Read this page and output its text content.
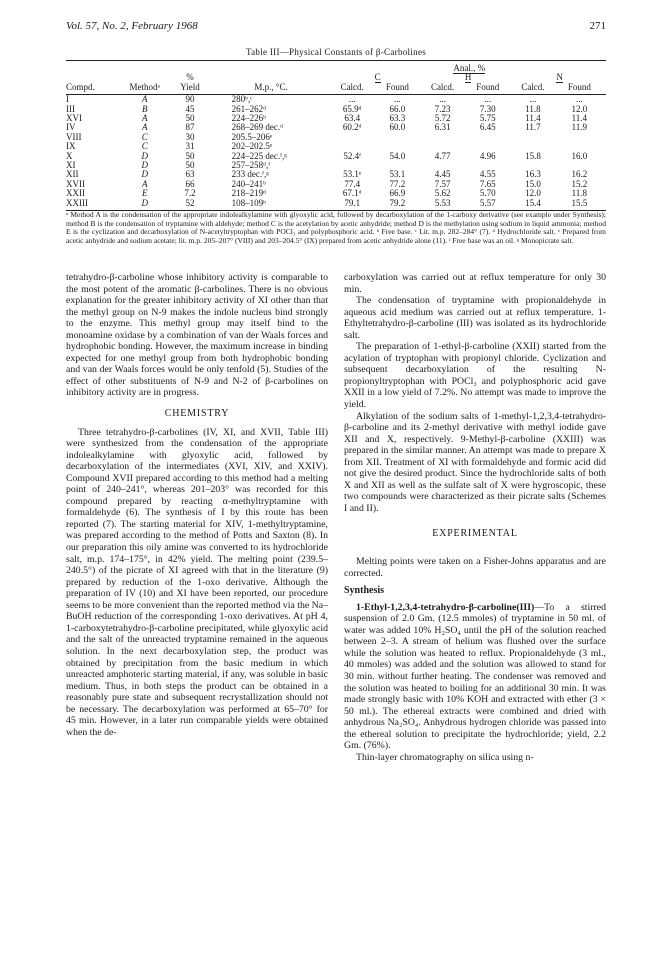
Vol. 57, No. 2, February 1968	271
Table III—Physical Constants of β-Carbolines

				Anal., %					
		%		C		H		N	
Compd.	Methodᵃ	Yield	M.p., °C.	Calcd.	Found	Calcd.	Found	Calcd.	Found
I	A	90	280ᵇ,ᶜ	...	...	...	...	...	...
III	B	45	261–262ᵈ	65.9ᵈ	66.0	7.23	7.30	11.8	12.0
XVI	A	50	224–226ᵇ	63.4	63.3	5.72	5.75	11.4	11.4
IV	A	87	268–269 dec.ᵈ	60.2ᵈ	60.0	6.31	6.45	11.7	11.9
VIII	C	30	205.5–206ᵉ						
IX	C	31	202–202.5ᵉ						
X	D	50	224–225 dec.ᶠ,ᵍ	52.4ᶠ	54.0	4.77	4.96	15.8	16.0
XI	D	50	257–258ᵈ,ᶠ						
XII	D	63	233 dec.ᶠ,ᵍ	53.1ᵉ	53.1	4.45	4.55	16.3	16.2
XVII	A	66	240–241ᵇ	77.4	77.2	7.57	7.65	15.0	15.2
XXII	E	7.2	218–219ᵈ	67.1ᵈ	66.9	5.62	5.70	12.0	11.8
XXIII	D	52	108–109ᵇ	79.1	79.2	5.53	5.57	15.4	15.5
ᵃ Method A is the condensation of the appropriate indolealkylamine with glyoxylic acid, followed by decarboxylation of the 1-carboxy derivative (see example under Synthesis); method B is the condensation of tryptamine with aldehyde; method C is the acetylation by acetic anhydride; method D is the methylation using sodium in liquid ammonia; method E is the cyclization and decarboxylation of N-acetyltryptophan with POCl₃ and polyphosphoric acid. ᵇ Free base. ᶜ Lit. m.p. 282–284° (7). ᵈ Hydrochloride salt. ᵉ Prepared from acetic anhydride and sodium acetate; lit. m.p. 205–207° (VIII) and 203–204.5° (IX) prepared from acetic anhydride alone (11). ᶠ Free base was an oil. ᵍ Monopicrate salt.

tetrahydro-β-carboline whose inhibitory activity is comparable to the most potent of the aromatic β-carbolines. There is no obvious explanation for the greater inhibitory activity of XI other than that the methyl group on N-9 makes the indole nucleus bind strongly to the enzyme. This methyl group may itself bind to the monoamine oxidase by a combination of van der Waals forces and hydrophobic bonding. However, the maximum increase in binding expected for one methyl group from both hydrophobic bonding and van der Waals forces would be only tenfold (5). Studies of the effect of other substituents of N-9 and N-2 of β-carbolines on inhibitory activity are in progress.

CHEMISTRY

Three tetrahydro-β-carbolines (IV, XI, and XVII, Table III) were synthesized from the condensation of the appropriate indolealkylamine with glyoxylic acid, followed by decarboxylation of the intermediates (XVI, XIV, and XXIV). Compound XVII prepared according to this method had a melting point of 240–241°, whereas 201–203° was recorded for this compound prepared by reacting α-methyltryptamine with formaldehyde (6). The synthesis of I by this route has been reported (7). The starting material for XIV, 1-methyltryptamine, was prepared according to the method of Potts and Saxton (8). In our preparation this oily amine was converted to its hydrochloride salt, m.p. 174–175°, in 42% yield. The melting point (239.5–240.5°) of the picrate of XI agreed with that in the literature (9) prepared by reduction of the 1-oxo derivative. Although the preparation of IV (10) and XI have been reported, our procedure seems to be more convenient than the reported method via the Na–BuOH reduction of the corresponding 1-oxo derivatives. At pH 4, 1-carboxytetrahydro-β-carboline precipitated, while glyoxylic acid and the salt of the unreacted tryptamine remained in the aqueous solution. In the next decarboxylation step, the product was obtained by precipitation from the basic medium in which unreacted amphoteric starting material, if any, was soluble in basic medium. Thus, in both steps the product can be obtained in a reasonably pure state and subsequent recrystallization should not be necessary. The decarboxylation was performed at 65–70° for 45 min. However, in a later run comparable yields were obtained when the de-

carboxylation was carried out at reflux temperature for only 30 min.

The condensation of tryptamine with propionaldehyde in aqueous acid medium was carried out at reflux temperature. 1-Ethyltetrahydro-β-carboline (III) was isolated as its hydrochloride salt.

The preparation of 1-ethyl-β-carboline (XXII) started from the acylation of tryptophan with propionyl chloride. Cyclization and subsequent decarboxylation of the resulting N-propionyltryptophan with POCl₃ and polyphosphoric acid gave XXII in a low yield of 7.2%. No attempt was made to improve the yield.

Alkylation of the sodium salts of 1-methyl-1,2,3,4-tetrahydro-β-carboline and its 2-methyl derivative with methyl iodide gave XII and X, respectively. 9-Methyl-β-carboline (XXIII) was prepared in the similar manner. An attempt was made to prepare X from XII. Treatment of XI with formaldehyde and formic acid did not give the desired product. Since the hydrochloride salts of both X and XII as well as the sulfate salt of X were hygroscopic, these two compounds were characterized as their picrate salts (Schemes I and II).

EXPERIMENTAL

Melting points were taken on a Fisher-Johns apparatus and are corrected.

Synthesis

1-Ethyl-1,2,3,4-tetrahydro-β-carboline(III)—To a stirred suspension of 2.0 Gm. (12.5 mmoles) of tryptamine in 50 ml. of water was added 10% H₂SO₄ until the pH of the solution reached between 2–3. A stream of helium was flushed over the surface while the solution was heated to reflux. Propionaldehyde (3 ml., 40 mmoles) was added and the solution was allowed to stand for 30 min. without further heating. The condenser was removed and the solution was heated to boiling for an additional 30 min. It was made strongly basic with 10% KOH and extracted with ether (3 × 50 ml.). The ethereal extracts were combined and dried with anhydrous Na₂SO₄. Anhydrous hydrogen chloride was passed into the ethereal solution to precipitate the hydrochloride; yield, 2.2 Gm. (76%).

Thin-layer chromatography on silica using n-
